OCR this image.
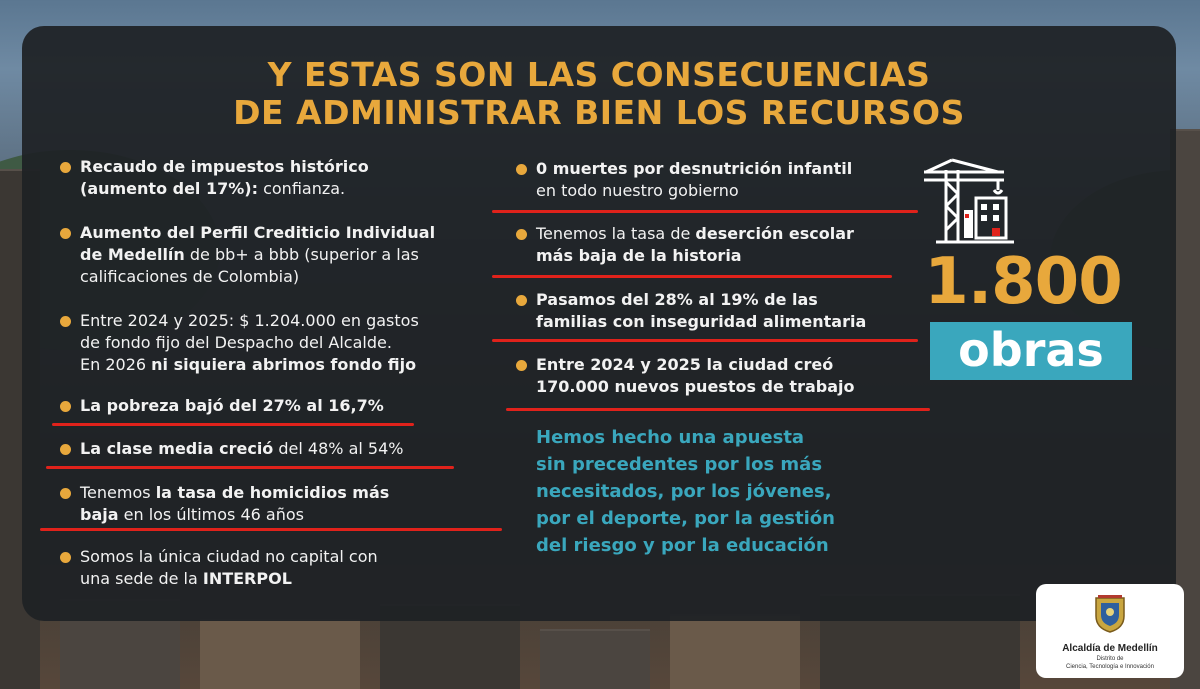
Y ESTAS SON LAS CONSECUENCIAS
DE ADMINISTRAR BIEN LOS RECURSOS
Recaudo de impuestos histórico
(aumento del 17%): confianza.
Aumento del Perfil Crediticio Individual
de Medellín de bb+ a bbb (superior a las
calificaciones de Colombia)
Entre 2024 y 2025: $ 1.204.000 en gastos
de fondo fijo del Despacho del Alcalde.
En 2026 ni siquiera abrimos fondo fijo
La pobreza bajó del 27% al 16,7%
La clase media creció del 48% al 54%
Tenemos la tasa de homicidios más
baja en los últimos 46 años
Somos la única ciudad no capital con
una sede de la INTERPOL
0 muertes por desnutrición infantil
en todo nuestro gobierno
Tenemos la tasa de deserción escolar
más baja de la historia
Pasamos del 28% al 19% de las
familias con inseguridad alimentaria
Entre 2024 y 2025 la ciudad creó
170.000 nuevos puestos de trabajo
1.800
obras
Hemos hecho una apuesta
sin precedentes por los más
necesitados, por los jóvenes,
por el deporte, por la gestión
del riesgo y por la educación
Alcaldía de Medellín
Distrito de
Ciencia, Tecnología e Innovación
